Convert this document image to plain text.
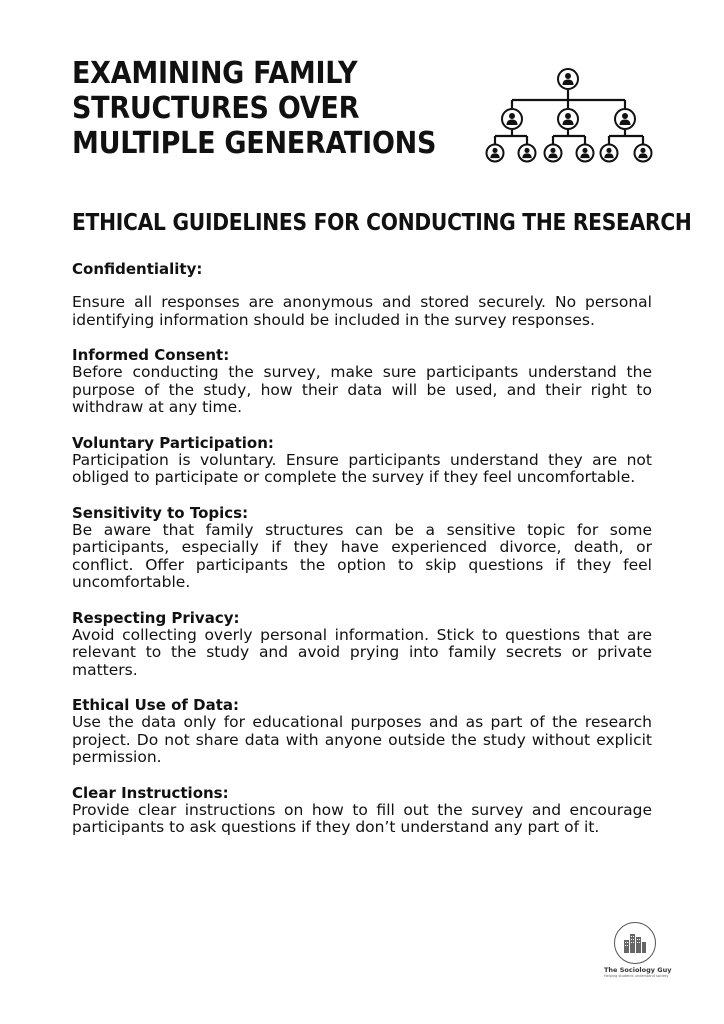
EXAMINING FAMILY
STRUCTURES OVER
MULTIPLE GENERATIONS
ETHICAL GUIDELINES FOR CONDUCTING THE RESEARCH

Confidentiality:

Ensure all responses are anonymous and stored securely. No personal identifying information should be included in the survey responses.

Informed Consent:

Before conducting the survey, make sure participants understand the purpose of the study, how their data will be used, and their right to withdraw at any time.

Voluntary Participation:

Participation is voluntary. Ensure participants understand they are not obliged to participate or complete the survey if they feel uncomfortable.

Sensitivity to Topics:

Be aware that family structures can be a sensitive topic for some participants, especially if they have experienced divorce, death, or conflict. Offer participants the option to skip questions if they feel uncomfortable.

Respecting Privacy:

Avoid collecting overly personal information. Stick to questions that are relevant to the study and avoid prying into family secrets or private matters.

Ethical Use of Data:

Use the data only for educational purposes and as part of the research project. Do not share data with anyone outside the study without explicit permission.

Clear Instructions:

Provide clear instructions on how to fill out the survey and encourage participants to ask questions if they don’t understand any part of it.

The Sociology Guy
Helping students understand society
